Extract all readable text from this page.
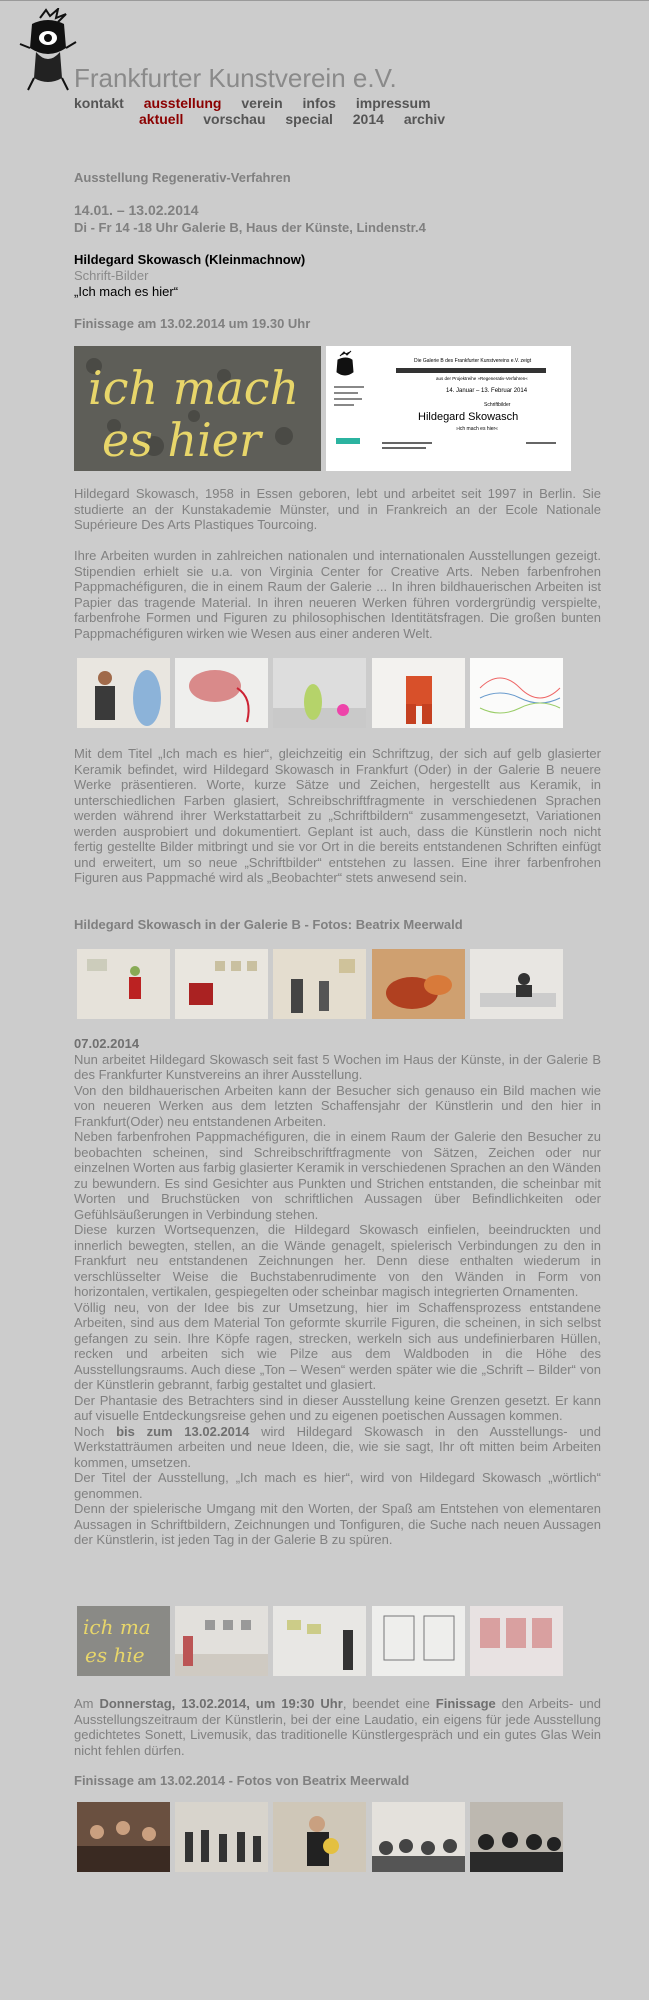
Frankfurter Kunstverein e.V.
kontakt ausstellung verein infos impressum
aktuell vorschau special 2014 archiv
Ausstellung Regenerativ-Verfahren
14.01. – 13.02.2014
Di - Fr 14 -18 Uhr Galerie B, Haus der Künste, Lindenstr.4
Hildegard Skowasch (Kleinmachnow)
Schrift-Bilder
„Ich mach es hier“
Finissage am 13.02.2014 um 19.30 Uhr
ich mach
es hier
Die Galerie B des Frankfurter Kunstvereins e.V. zeigt
aus der Projektreihe »Regenerativ-Verfahren«
14. Januar – 13. Februar 2014
Schriftbilder
Hildegard Skowasch
»ich mach es hier«
Hildegard Skowasch, 1958 in Essen geboren, lebt und arbeitet seit 1997 in Berlin. Sie studierte an der Kunstakademie Münster, und in Frankreich an der Ecole Nationale Supérieure Des Arts Plastiques Tourcoing.
Ihre Arbeiten wurden in zahlreichen nationalen und internationalen Ausstellungen gezeigt. Stipendien erhielt sie u.a. von Virginia Center for Creative Arts. Neben farbenfrohen Pappmachéfiguren, die in einem Raum der Galerie ... In ihren bildhauerischen Arbeiten ist Papier das tragende Material. In ihren neueren Werken führen vordergründig verspielte, farbenfrohe Formen und Figuren zu philosophischen Identitätsfragen. Die großen bunten Pappmachéfiguren wirken wie Wesen aus einer anderen Welt.
Mit dem Titel „Ich mach es hier“, gleichzeitig ein Schriftzug, der sich auf gelb glasierter Keramik befindet, wird Hildegard Skowasch in Frankfurt (Oder) in der Galerie B neuere Werke präsentieren. Worte, kurze Sätze und Zeichen, hergestellt aus Keramik, in unterschiedlichen Farben glasiert, Schreibschriftfragmente in verschiedenen Sprachen werden während ihrer Werkstattarbeit zu „Schriftbildern“ zusammengesetzt, Variationen werden ausprobiert und dokumentiert. Geplant ist auch, dass die Künstlerin noch nicht fertig gestellte Bilder mitbringt und sie vor Ort in die bereits entstandenen Schriften einfügt und erweitert, um so neue „Schriftbilder“ entstehen zu lassen. Eine ihrer farbenfrohen Figuren aus Pappmaché wird als „Beobachter“ stets anwesend sein.
Hildegard Skowasch in der Galerie B - Fotos: Beatrix Meerwald
07.02.2014
Nun arbeitet Hildegard Skowasch seit fast 5 Wochen im Haus der Künste, in der Galerie B des Frankfurter Kunstvereins an ihrer Ausstellung.
Von den bildhauerischen Arbeiten kann der Besucher sich genauso ein Bild machen wie von neueren Werken aus dem letzten Schaffensjahr der Künstlerin und den hier in Frankfurt(Oder) neu entstandenen Arbeiten.
Neben farbenfrohen Pappmachéfiguren, die in einem Raum der Galerie den Besucher zu beobachten scheinen, sind Schreibschriftfragmente von Sätzen, Zeichen oder nur einzelnen Worten aus farbig glasierter Keramik in verschiedenen Sprachen an den Wänden zu bewundern. Es sind Gesichter aus Punkten und Strichen entstanden, die scheinbar mit Worten und Bruchstücken von schriftlichen Aussagen über Befindlichkeiten oder Gefühlsäußerungen in Verbindung stehen.
Diese kurzen Wortsequenzen, die Hildegard Skowasch einfielen, beeindruckten und innerlich bewegten, stellen, an die Wände genagelt, spielerisch Verbindungen zu den in Frankfurt neu entstandenen Zeichnungen her. Denn diese enthalten wiederum in verschlüsselter Weise die Buchstabenrudimente von den Wänden in Form von horizontalen, vertikalen, gespiegelten oder scheinbar magisch integrierten Ornamenten.
Völlig neu, von der Idee bis zur Umsetzung, hier im Schaffensprozess entstandene Arbeiten, sind aus dem Material Ton geformte skurrile Figuren, die scheinen, in sich selbst gefangen zu sein. Ihre Köpfe ragen, strecken, werkeln sich aus undefinierbaren Hüllen, recken und arbeiten sich wie Pilze aus dem Waldboden in die Höhe des Ausstellungsraums. Auch diese „Ton – Wesen“ werden später wie die „Schrift – Bilder“ von der Künstlerin gebrannt, farbig gestaltet und glasiert.
Der Phantasie des Betrachters sind in dieser Ausstellung keine Grenzen gesetzt. Er kann auf visuelle Entdeckungsreise gehen und zu eigenen poetischen Aussagen kommen.
Noch bis zum 13.02.2014 wird Hildegard Skowasch in den Ausstellungs- und Werkstatträumen arbeiten und neue Ideen, die, wie sie sagt, Ihr oft mitten beim Arbeiten kommen, umsetzen.
Der Titel der Ausstellung, „Ich mach es hier“, wird von Hildegard Skowasch „wörtlich“ genommen.
Denn der spielerische Umgang mit den Worten, der Spaß am Entstehen von elementaren Aussagen in Schriftbildern, Zeichnungen und Tonfiguren, die Suche nach neuen Aussagen der Künstlerin, ist jeden Tag in der Galerie B zu spüren.
ich ma
es hie
Am Donnerstag, 13.02.2014, um 19:30 Uhr, beendet eine Finissage den Arbeits- und Ausstellungszeitraum der Künstlerin, bei der eine Laudatio, ein eigens für jede Ausstellung gedichtetes Sonett, Livemusik, das traditionelle Künstlergespräch und ein gutes Glas Wein nicht fehlen dürfen.
Finissage am 13.02.2014 - Fotos von Beatrix Meerwald
